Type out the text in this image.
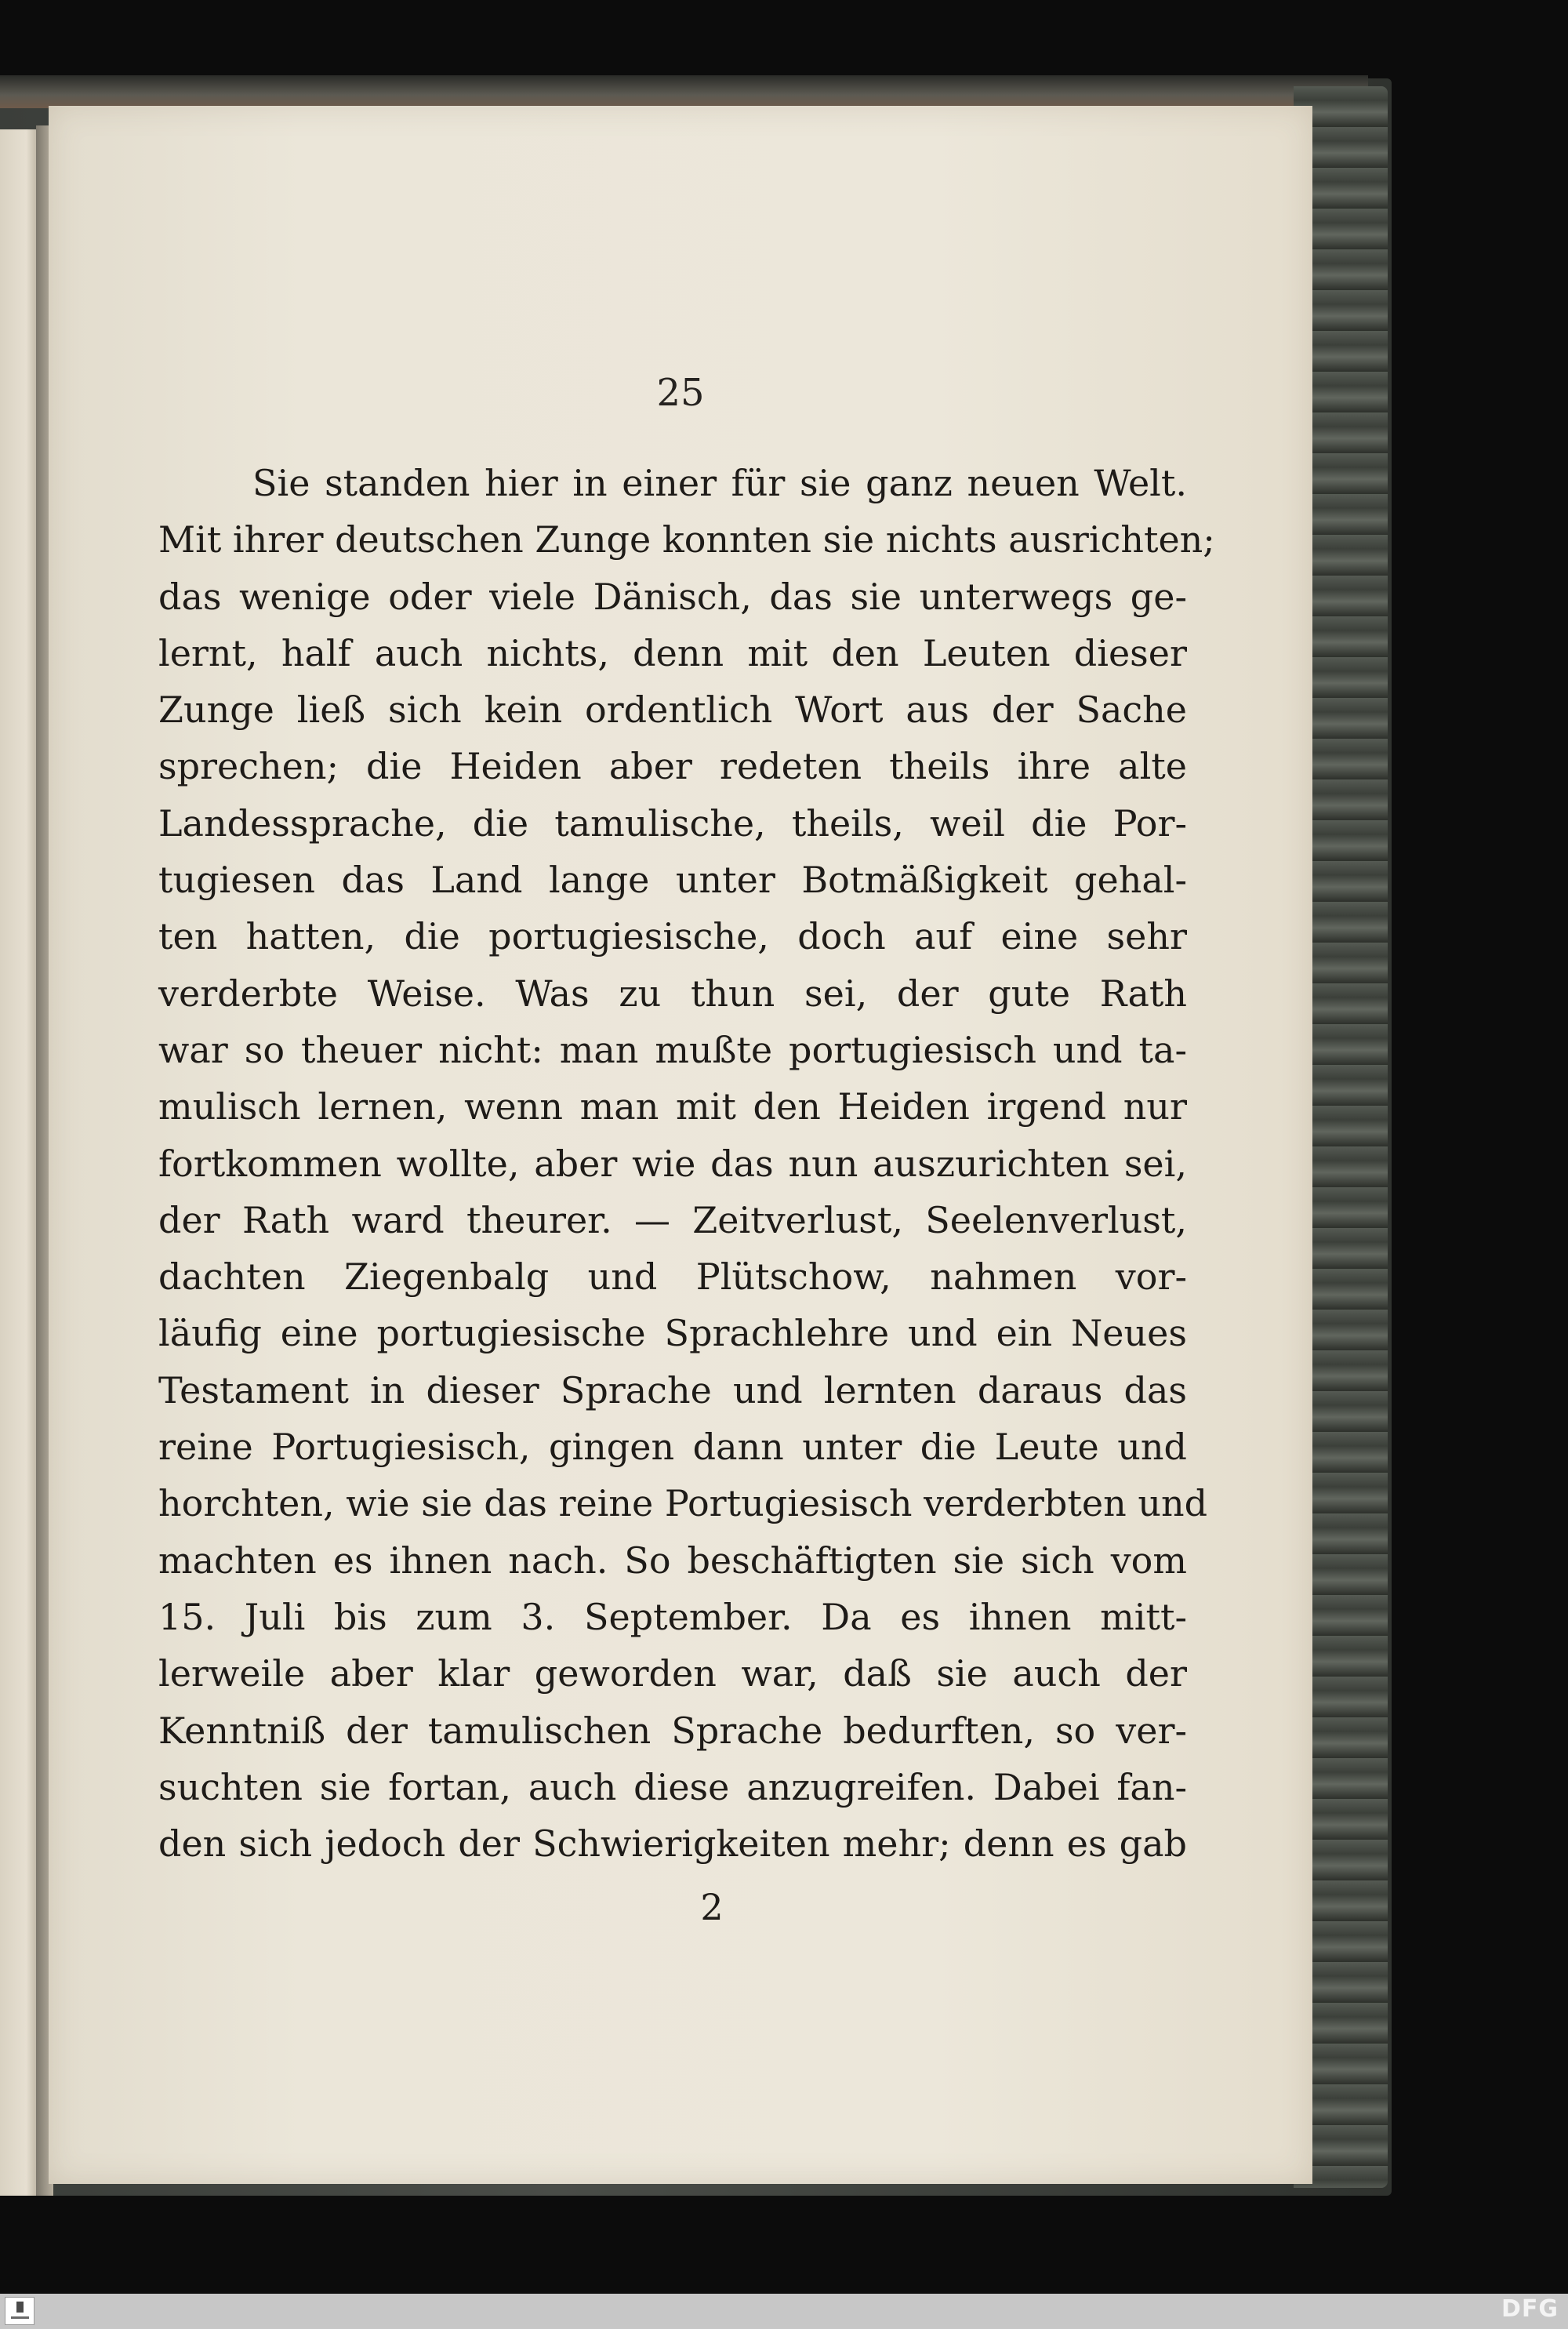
25
Sie standen hier in einer für sie ganz neuen Welt.
Mit ihrer deutschen Zunge konnten sie nichts ausrichten;
das wenige oder viele Dänisch, das sie unterwegs ge-
lernt, half auch nichts, denn mit den Leuten dieser
Zunge ließ sich kein ordentlich Wort aus der Sache
sprechen; die Heiden aber redeten theils ihre alte
Landessprache, die tamulische, theils, weil die Por-
tugiesen das Land lange unter Botmäßigkeit gehal-
ten hatten, die portugiesische, doch auf eine sehr
verderbte Weise. Was zu thun sei, der gute Rath
war so theuer nicht: man mußte portugiesisch und ta-
mulisch lernen, wenn man mit den Heiden irgend nur
fortkommen wollte, aber wie das nun auszurichten sei,
der Rath ward theurer. — Zeitverlust, Seelenverlust,
dachten Ziegenbalg und Plütschow, nahmen vor-
läufig eine portugiesische Sprachlehre und ein Neues
Testament in dieser Sprache und lernten daraus das
reine Portugiesisch, gingen dann unter die Leute und
horchten, wie sie das reine Portugiesisch verderbten und
machten es ihnen nach. So beschäftigten sie sich vom
15. Juli bis zum 3. September. Da es ihnen mitt-
lerweile aber klar geworden war, daß sie auch der
Kenntniß der tamulischen Sprache bedurften, so ver-
suchten sie fortan, auch diese anzugreifen. Dabei fan-
den sich jedoch der Schwierigkeiten mehr; denn es gab
2
DFG
